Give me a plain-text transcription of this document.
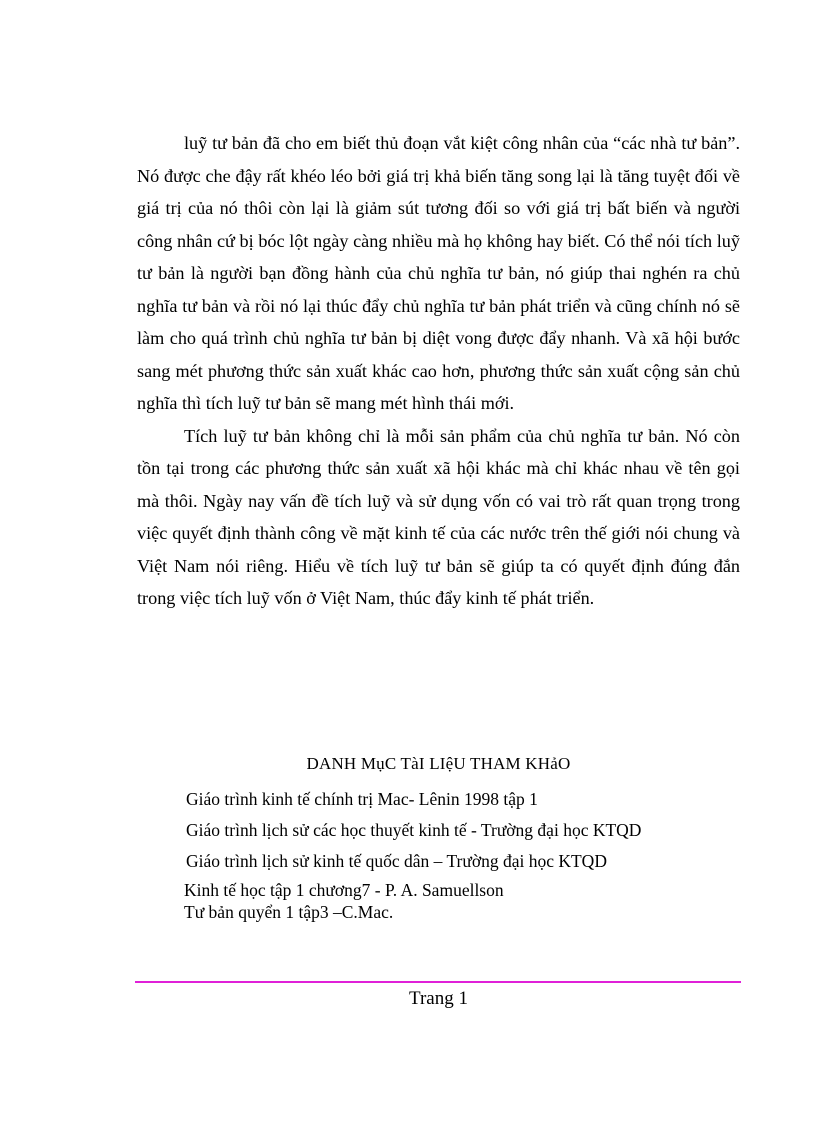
luỹ tư bản đã cho em biết thủ đoạn vắt kiệt công nhân của “các nhà tư bản”. Nó được che đậy rất khéo léo bởi giá trị khả biến tăng song lại là tăng tuyệt đối về giá trị của nó thôi còn lại là giảm sút tương đối so với giá trị bất biến và người công nhân cứ bị bóc lột ngày càng nhiều mà họ không hay biết. Có thể nói tích luỹ tư bản là người bạn đồng hành của chủ nghĩa tư bản, nó giúp thai nghén ra chủ nghĩa tư bản và rồi nó lại thúc đẩy chủ nghĩa tư bản phát triển và cũng chính nó sẽ làm cho quá trình chủ nghĩa tư bản bị diệt vong được đẩy nhanh. Và xã hội bước sang mét phương thức sản xuất khác cao hơn, phương thức sản xuất cộng sản chủ nghĩa thì tích luỹ tư bản sẽ mang mét hình thái mới.

Tích luỹ tư bản không chỉ là mỗi sản phẩm của chủ nghĩa tư bản. Nó còn tồn tại trong các phương thức sản xuất xã hội khác mà chỉ khác nhau về tên gọi mà thôi. Ngày nay vấn đề tích luỹ và sử dụng vốn có vai trò rất quan trọng trong việc quyết định thành công về mặt kinh tế của các nước trên thế giới nói chung và Việt Nam nói riêng. Hiểu về tích luỹ tư bản sẽ giúp ta có quyết định đúng đắn trong việc tích luỹ vốn ở Việt Nam, thúc đẩy kinh tế phát triển.

DANH MụC TàI LIệU THAM KHảO
Giáo trình kinh tế chính trị Mac- Lênin 1998 tập 1
Giáo trình lịch sử các học thuyết kinh tế - Trường đại học KTQD
Giáo trình lịch sử kinh tế quốc dân – Trường đại học KTQD
Kinh tế học tập 1 chương7 - P. A. Samuellson
Tư bản quyển 1 tập3 –C.Mac.
Trang 1
